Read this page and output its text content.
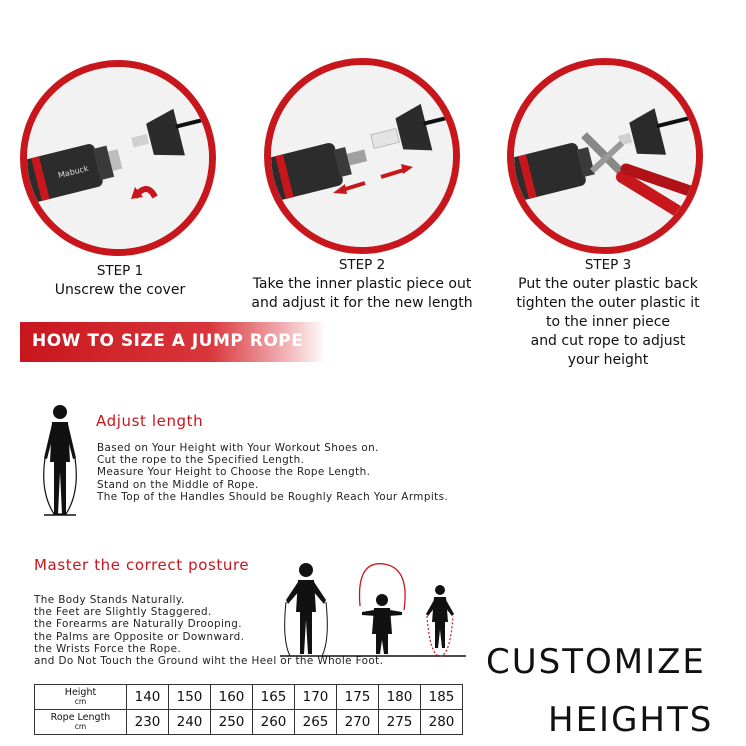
Mabuck
STEP 1
Unscrew the cover
STEP 2
Take the inner plastic piece out
and adjust it for the new length
STEP 3
Put the outer plastic back
tighten the outer plastic it
to the inner piece
and cut rope to adjust
your height
HOW TO SIZE A JUMP ROPE
Adjust length
Based on Your Height with Your Workout Shoes on.
Cut the rope to the Specified Length.
Measure Your Height to Choose the Rope Length.
Stand on the Middle of Rope.
The Top of the Handles Should be Roughly Reach Your Armpits.
Master the correct posture
The Body Stands Naturally.
the Feet are Slightly Staggered.
the Forearms are Naturally Drooping.
the Palms are Opposite or Downward.
the Wrists Force the Rope.
and Do Not Touch the Ground wiht the Heel or the Whole Foot.	CUSTOMIZE
HEIGHTS
Height
cm	140	150	160	165	170	175	180	185
Rope Length
cm	230	240	250	260	265	270	275	280
